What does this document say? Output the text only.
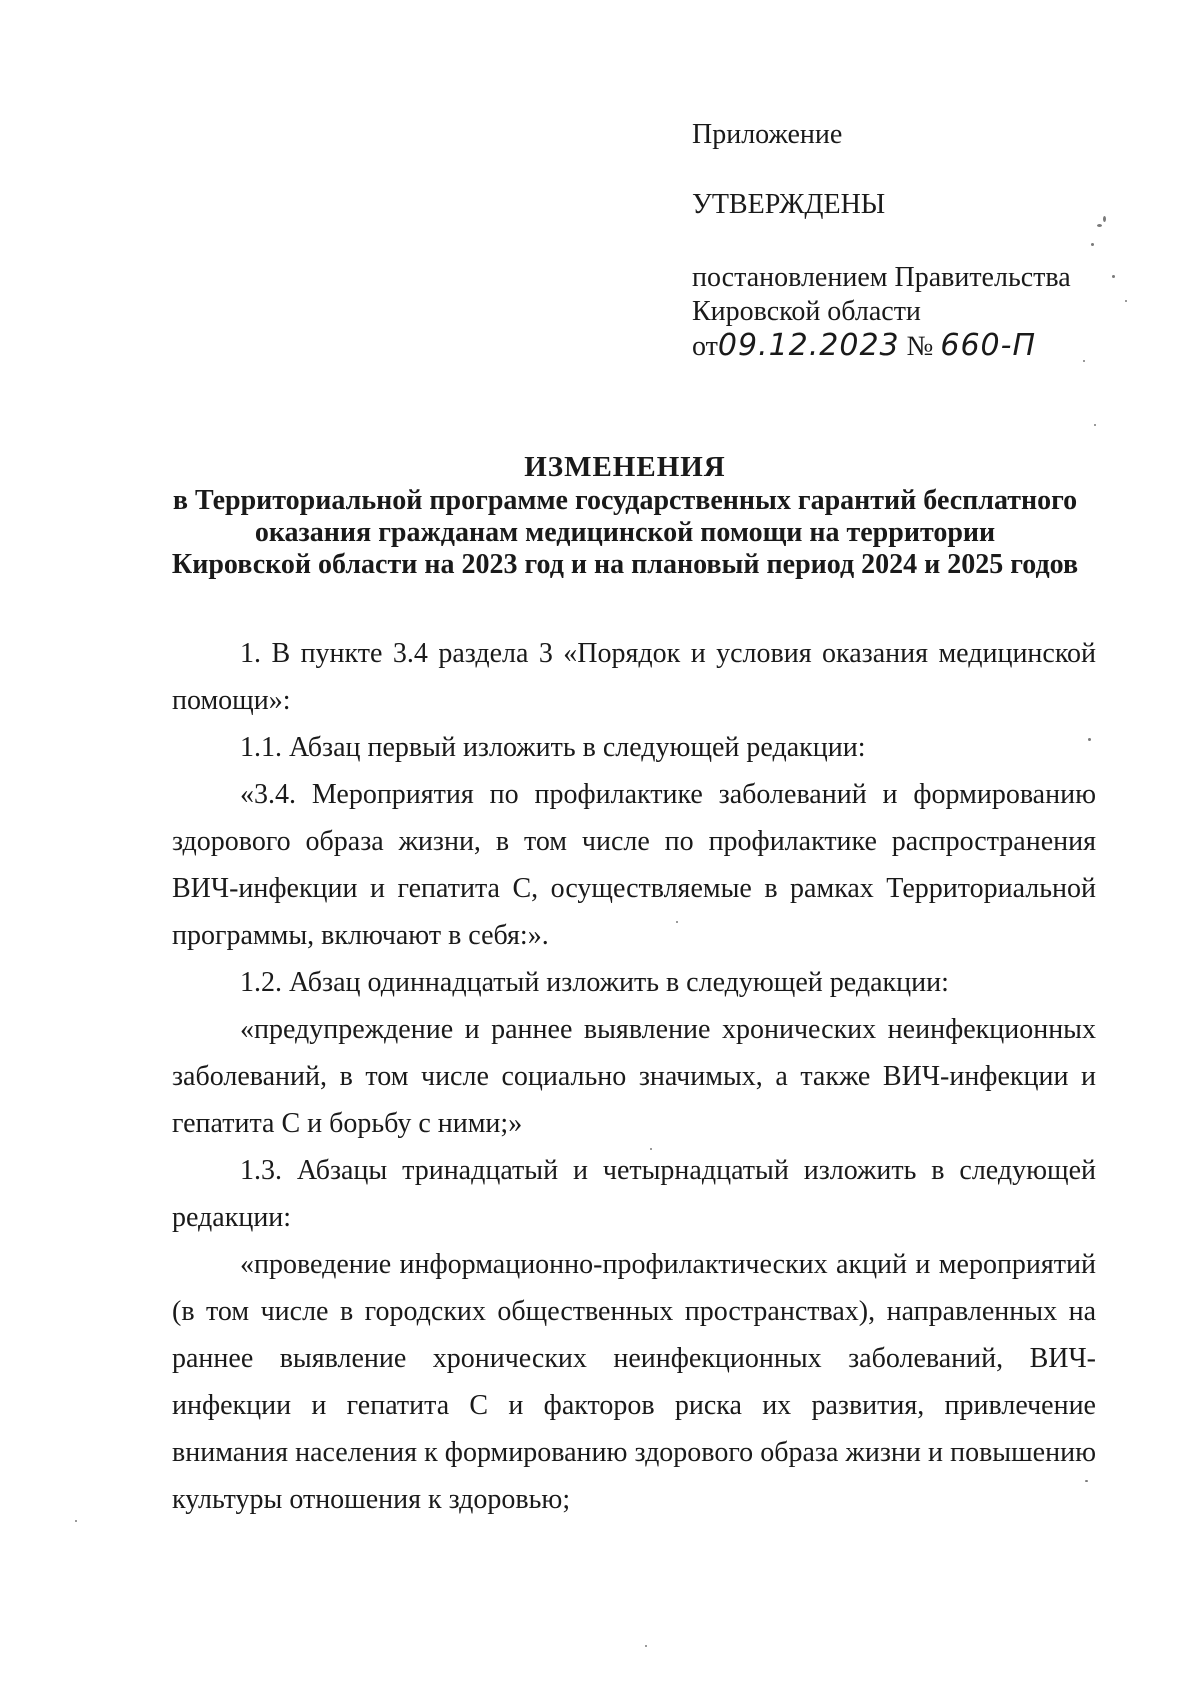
Приложение
УТВЕРЖДЕНЫ
постановлением Правительства
Кировской области
от09.12.2023 № 660-П
ИЗМЕНЕНИЯ
в Территориальной программе государственных гарантий бесплатного
оказания гражданам медицинской помощи на территории
Кировской области на 2023 год и на плановый период 2024 и 2025 годов

1. В пункте 3.4 раздела 3 «Порядок и условия оказания медицинской помощи»:

1.1. Абзац первый изложить в следующей редакции:

«3.4. Мероприятия по профилактике заболеваний и формированию здорового образа жизни, в том числе по профилактике распространения ВИЧ-инфекции и гепатита С, осуществляемые в рамках Территориальной программы, включают в себя:».

1.2. Абзац одиннадцатый изложить в следующей редакции:

«предупреждение и раннее выявление хронических неинфекционных заболеваний, в том числе социально значимых, а также ВИЧ-инфекции и гепатита С и борьбу с ними;»

1.3. Абзацы тринадцатый и четырнадцатый изложить в следующей редакции:

«проведение информационно-профилактических акций и мероприятий (в том числе в городских общественных пространствах), направленных на раннее выявление хронических неинфекционных заболеваний, ВИЧ-инфекции и гепатита С и факторов риска их развития, привлечение внимания населения к формированию здорового образа жизни и повышению культуры отношения к здоровью;
